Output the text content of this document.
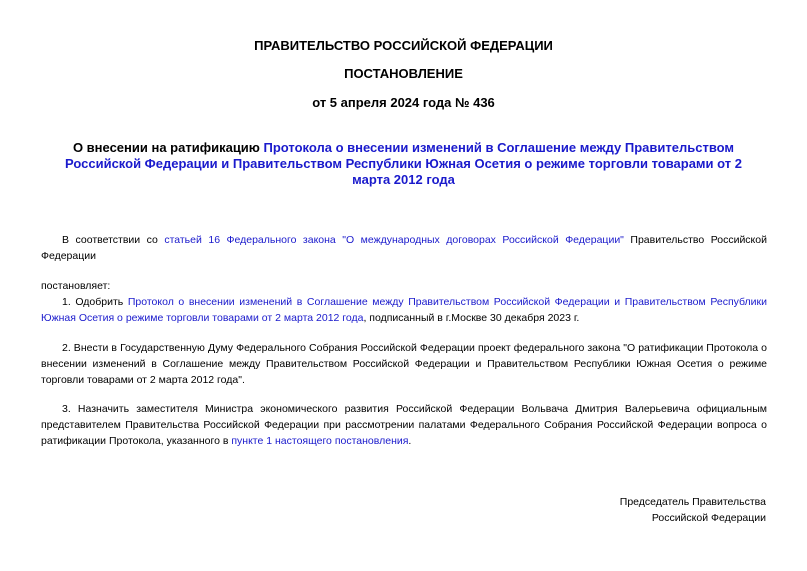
ПРАВИТЕЛЬСТВО РОССИЙСКОЙ ФЕДЕРАЦИИ
ПОСТАНОВЛЕНИЕ
от 5 апреля 2024 года № 436
О внесении на ратификацию Протокола о внесении изменений в Соглашение между Правительством Российской Федерации и Правительством Республики Южная Осетия о режиме торговли товарами от 2 марта 2012 года

В соответствии со статьей 16 Федерального закона "О международных договорах Российской Федерации" Правительство Российской Федерации

постановляет:

1. Одобрить Протокол о внесении изменений в Соглашение между Правительством Российской Федерации и Правительством Республики Южная Осетия о режиме торговли товарами от 2 марта 2012 года, подписанный в г.Москве 30 декабря 2023 г.

2. Внести в Государственную Думу Федерального Собрания Российской Федерации проект федерального закона "О ратификации Протокола о внесении изменений в Соглашение между Правительством Российской Федерации и Правительством Республики Южная Осетия о режиме торговли товарами от 2 марта 2012 года".

3. Назначить заместителя Министра экономического развития Российской Федерации Вольвача Дмитрия Валерьевича официальным представителем Правительства Российской Федерации при рассмотрении палатами Федерального Собрания Российской Федерации вопроса о ратификации Протокола, указанного в пункте 1 настоящего постановления.

Председатель Правительства
Российской Федерации
